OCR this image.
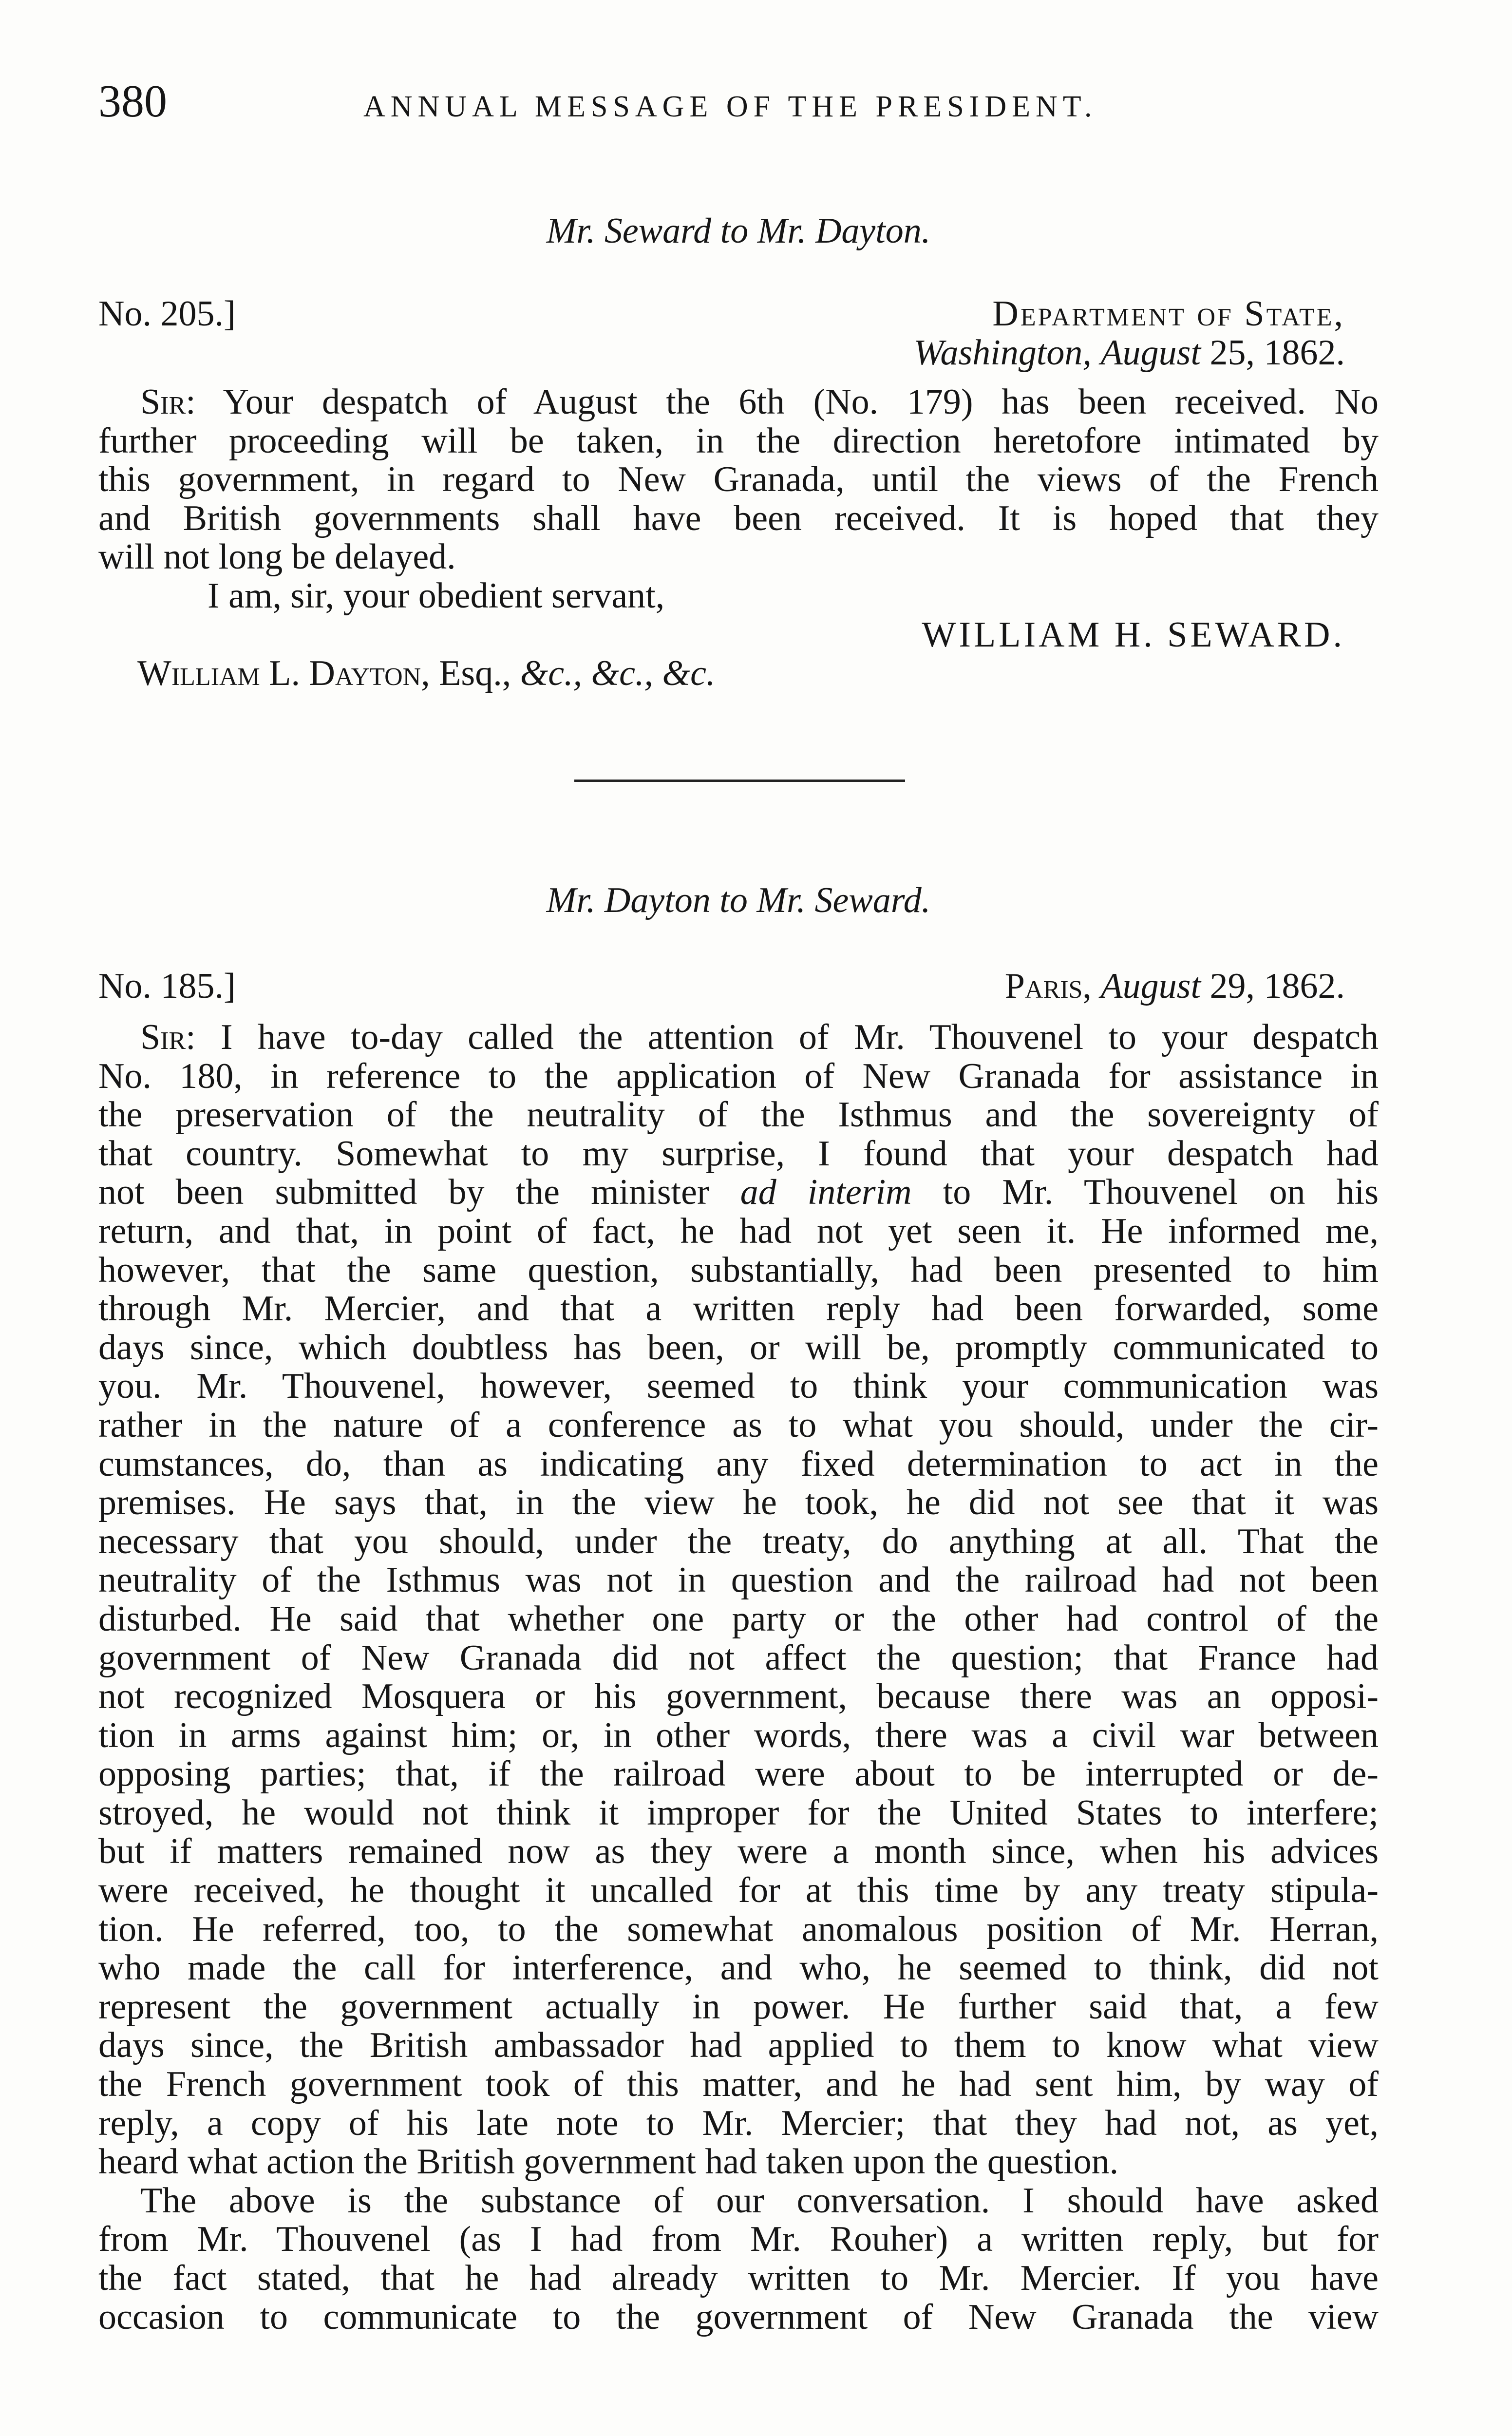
380	ANNUAL MESSAGE OF THE PRESIDENT.
Mr. Seward to Mr. Dayton.
No. 205.]	Department of State,
Washington, August 25, 1862.
Sir: Your despatch of August the 6th (No. 179) has been received. No
further proceeding will be taken, in the direction heretofore intimated by
this government, in regard to New Granada, until the views of the French
and British governments shall have been received. It is hoped that they
will not long be delayed.
I am, sir, your obedient servant,
WILLIAM H. SEWARD.
William L. Dayton, Esq., &c., &c., &c.
Mr. Dayton to Mr. Seward.
No. 185.]	Paris, August 29, 1862.
Sir: I have to-day called the attention of Mr. Thouvenel to your despatch
No. 180, in reference to the application of New Granada for assistance in
the preservation of the neutrality of the Isthmus and the sovereignty of
that country. Somewhat to my surprise, I found that your despatch had
not been submitted by the minister ad interim to Mr. Thouvenel on his
return, and that, in point of fact, he had not yet seen it. He informed me,
however, that the same question, substantially, had been presented to him
through Mr. Mercier, and that a written reply had been forwarded, some
days since, which doubtless has been, or will be, promptly communicated to
you. Mr. Thouvenel, however, seemed to think your communication was
rather in the nature of a conference as to what you should, under the cir-
cumstances, do, than as indicating any fixed determination to act in the
premises. He says that, in the view he took, he did not see that it was
necessary that you should, under the treaty, do anything at all. That the
neutrality of the Isthmus was not in question and the railroad had not been
disturbed. He said that whether one party or the other had control of the
government of New Granada did not affect the question; that France had
not recognized Mosquera or his government, because there was an opposi-
tion in arms against him; or, in other words, there was a civil war between
opposing parties; that, if the railroad were about to be interrupted or de-
stroyed, he would not think it improper for the United States to interfere;
but if matters remained now as they were a month since, when his advices
were received, he thought it uncalled for at this time by any treaty stipula-
tion. He referred, too, to the somewhat anomalous position of Mr. Herran,
who made the call for interference, and who, he seemed to think, did not
represent the government actually in power. He further said that, a few
days since, the British ambassador had applied to them to know what view
the French government took of this matter, and he had sent him, by way of
reply, a copy of his late note to Mr. Mercier; that they had not, as yet,
heard what action the British government had taken upon the question.
The above is the substance of our conversation. I should have asked
from Mr. Thouvenel (as I had from Mr. Rouher) a written reply, but for
the fact stated, that he had already written to Mr. Mercier. If you have
occasion to communicate to the government of New Granada the view
